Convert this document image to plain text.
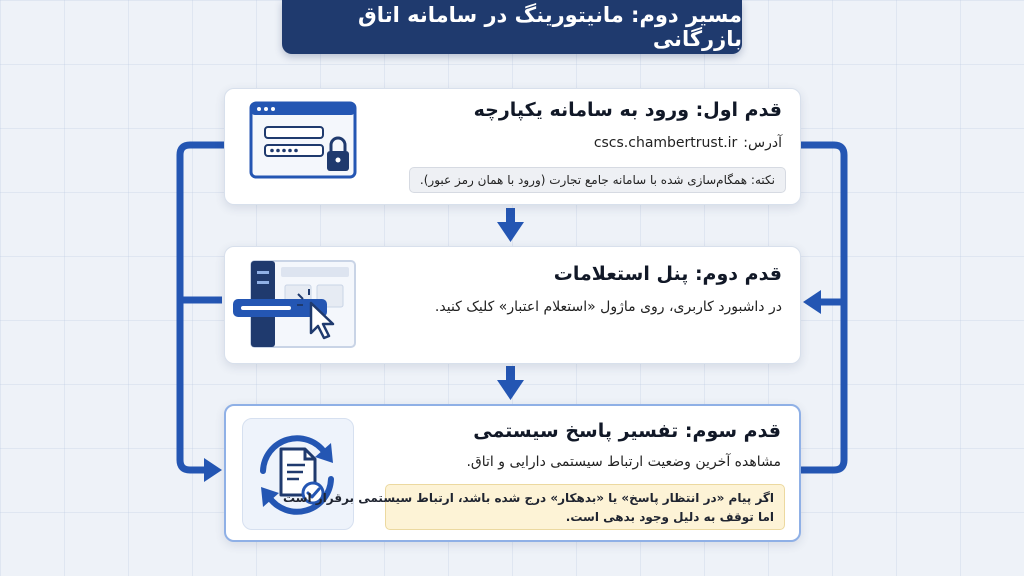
مسیر دوم: مانیتورینگ در سامانه اتاق بازرگانی
قدم اول: ورود به سامانه یکپارچه
آدرس:
cscs.chambertrust.ir
نکته: همگام‌سازی شده با سامانه جامع تجارت (ورود با همان رمز عبور).
قدم دوم: پنل استعلامات
در داشبورد کاربری، روی ماژول «استعلام اعتبار» کلیک کنید.
قدم سوم: تفسیر پاسخ سیستمی
مشاهده آخرین وضعیت ارتباط سیستمی دارایی و اتاق.
اگر پیام «در انتظار پاسخ» یا «بدهکار» درج شده باشد، ارتباط سیستمی برقرار است
اما توقف به دلیل وجود بدهی است.
